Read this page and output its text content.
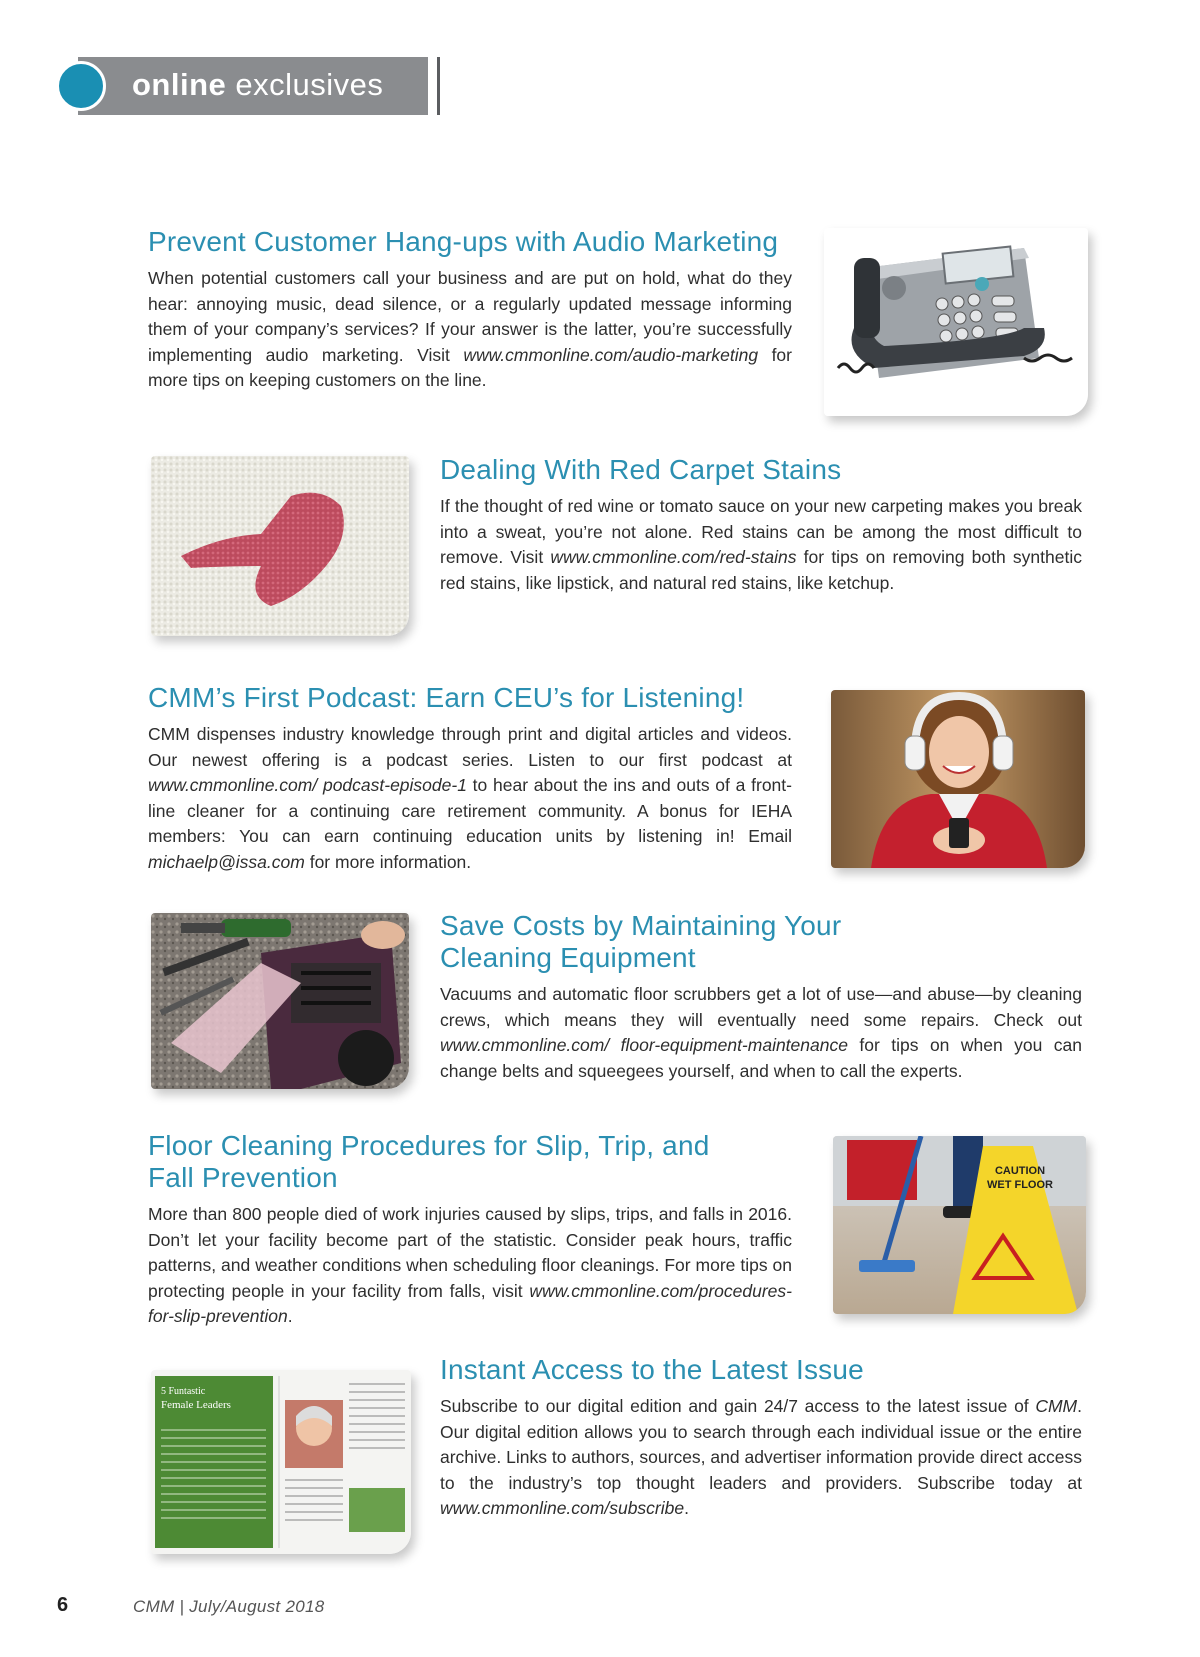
online exclusives
Prevent Customer Hang-ups with Audio Marketing

When potential customers call your business and are put on hold, what do they hear: annoying music, dead silence, or a regularly updated message informing them of your company’s services? If your answer is the latter, you’re successfully implementing audio marketing. Visit www.cmmonline.com/audio-marketing for more tips on keeping customers on the line.

Dealing With Red Carpet Stains

If the thought of red wine or tomato sauce on your new carpeting makes you break into a sweat, you’re not alone. Red stains can be among the most difficult to remove. Visit www.cmmonline.com/red-stains for tips on removing both synthetic red stains, like lipstick, and natural red stains, like ketchup.

CMM’s First Podcast: Earn CEU’s for Listening!

CMM dispenses industry knowledge through print and digital articles and videos. Our newest offering is a podcast series. Listen to our first podcast at www.cmmonline.com/ podcast-episode-1 to hear about the ins and outs of a front-line cleaner for a continuing care retirement community. A bonus for IEHA members: You can earn continuing education units by listening in! Email michaelp@issa.com for more information.

Save Costs by Maintaining Your
Cleaning Equipment

Vacuums and automatic floor scrubbers get a lot of use—and abuse—by cleaning crews, which means they will eventually need some repairs. Check out www.cmmonline.com/ floor-equipment-maintenance for tips on when you can change belts and squeegees yourself, and when to call the experts.

Floor Cleaning Procedures for Slip, Trip, and
Fall Prevention

More than 800 people died of work injuries caused by slips, trips, and falls in 2016. Don’t let your facility become part of the statistic. Consider peak hours, traffic patterns, and weather conditions when scheduling floor cleanings. For more tips on protecting people in your facility from falls, visit www.cmmonline.com/procedures-for-slip-prevention.

CAUTION
WET FLOOR
5 Funtastic
Female Leaders
Instant Access to the Latest Issue

Subscribe to our digital edition and gain 24/7 access to the latest issue of CMM. Our digital edition allows you to search through each individual issue or the entire archive. Links to authors, sources, and advertiser information provide direct access to the industry’s top thought leaders and providers. Subscribe today at www.cmmonline.com/subscribe.

6	CMM | July/August 2018
